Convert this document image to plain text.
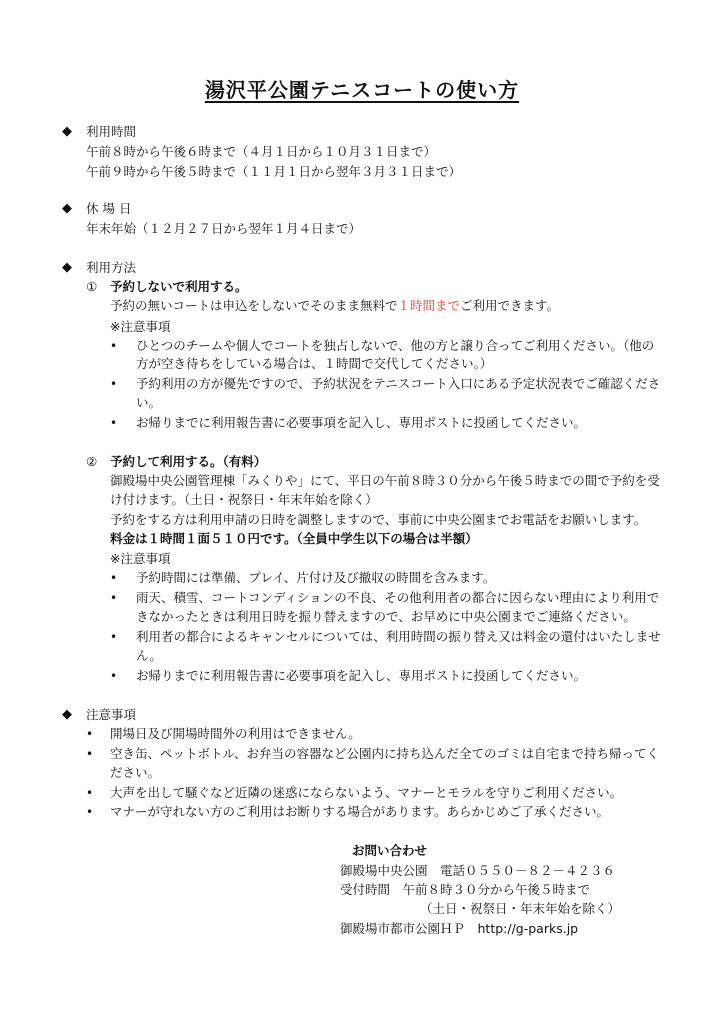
湯沢平公園テニスコートの使い方
◆ 利用時間
午前８時から午後６時まで（４月１日から１０月３１日まで）
午前９時から午後５時まで（１１月１日から翌年３月３１日まで）
◆ 休 場 日
年末年始（１２月２７日から翌年１月４日まで）
◆ 利用方法
① 予約しないで利用する。
予約の無いコートは申込をしないでそのまま無料で１時間までご利用できます。
※注意事項
• ひとつのチームや個人でコートを独占しないで、他の方と譲り合ってご利用ください。（他の
方が空き待ちをしている場合は、１時間で交代してください。）
• 予約利用の方が優先ですので、予約状況をテニスコート入口にある予定状況表でご確認くださ
い。
• お帰りまでに利用報告書に必要事項を記入し、専用ポストに投函してください。
② 予約して利用する。（有料）
御殿場中央公園管理棟「みくりや」にて、平日の午前８時３０分から午後５時までの間で予約を受
け付けます。（土日・祝祭日・年末年始を除く）
予約をする方は利用申請の日時を調整しますので、事前に中央公園までお電話をお願いします。
料金は１時間１面５１０円です。（全員中学生以下の場合は半額）
※注意事項
• 予約時間には準備、プレイ、片付け及び撤収の時間を含みます。
• 雨天、積雪、コートコンディションの不良、その他利用者の都合に因らない理由により利用で
きなかったときは利用日時を振り替えますので、お早めに中央公園までご連絡ください。
• 利用者の都合によるキャンセルについては、利用時間の振り替え又は料金の還付はいたしませ
ん。
• お帰りまでに利用報告書に必要事項を記入し、専用ポストに投函してください。
◆ 注意事項
• 開場日及び開場時間外の利用はできません。
• 空き缶、ペットボトル、お弁当の容器など公園内に持ち込んだ全てのゴミは自宅まで持ち帰ってく
ださい。
• 大声を出して騒ぐなど近隣の迷惑にならないよう、マナーとモラルを守りご利用ください。
• マナーが守れない方のご利用はお断りする場合があります。あらかじめご了承ください。
お問い合わせ
御殿場中央公園　電話０５５０－８２－４２３６
受付時間　午前８時３０分から午後５時まで
（土日・祝祭日・年末年始を除く）
御殿場市都市公園ＨＰ　http://g-parks.jp
